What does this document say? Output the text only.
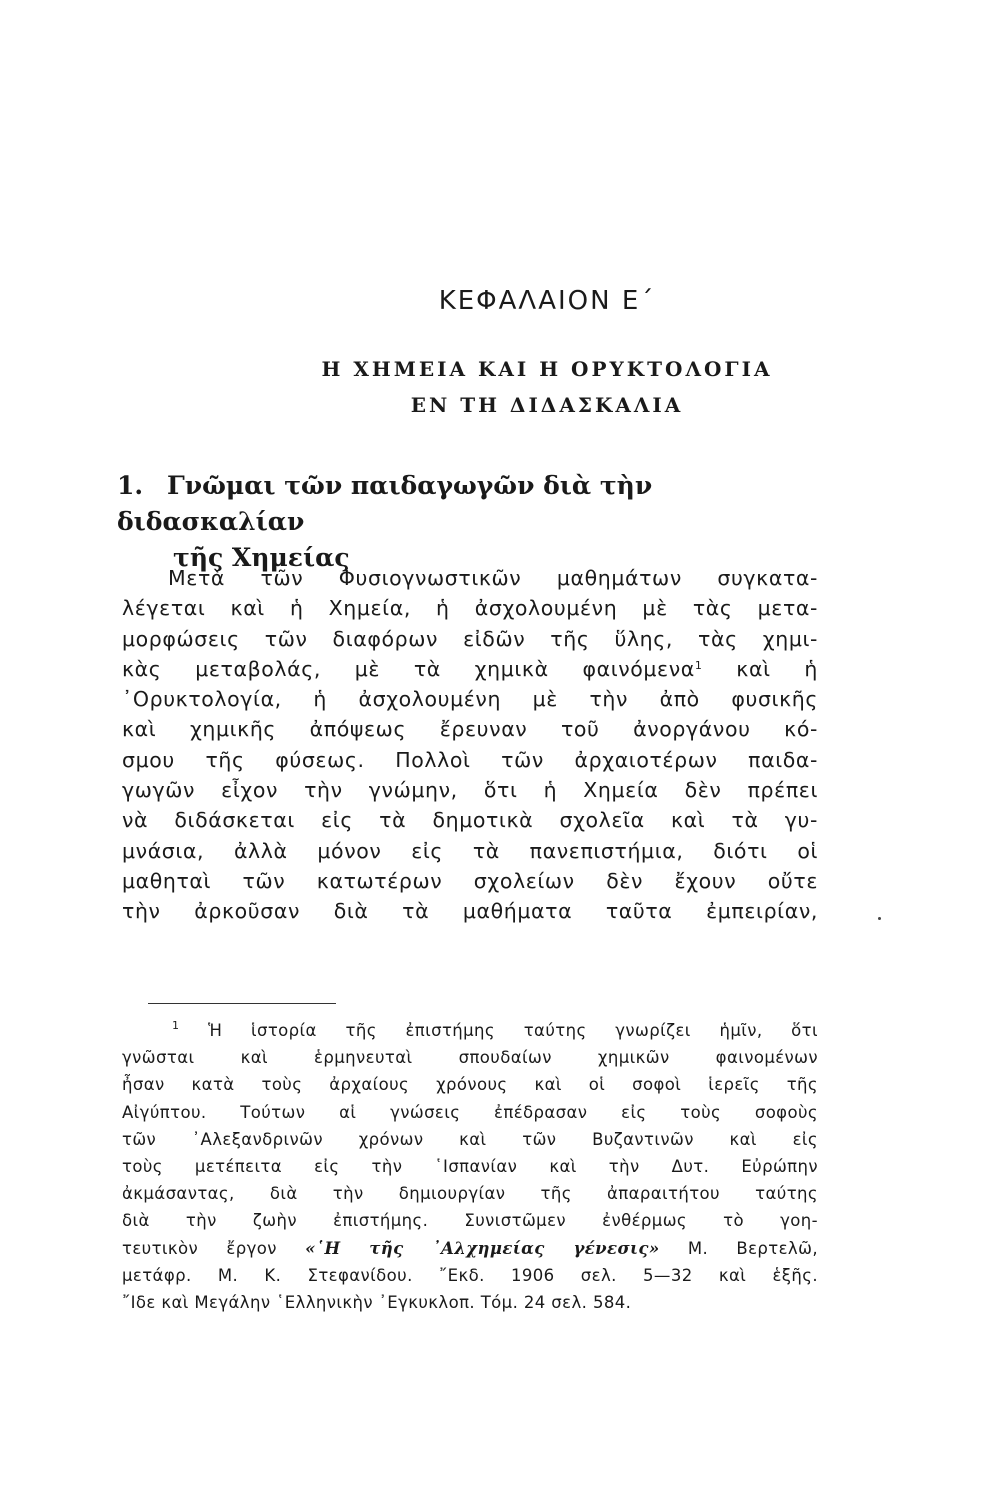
ΚΕΦΑΛΑΙΟΝ Ε΄
Η ΧΗΜΕΙΑ ΚΑΙ Η ΟΡΥΚΤΟΛΟΓΙΑ
ΕΝ ΤΗ ΔΙΔΑΣΚΑΛΙΑ
1. Γνῶμαι τῶν παιδαγωγῶν διὰ τὴν διδασκαλίαν
τῆς Χημείας
Μετὰ τῶν Φυσιογνωστικῶν μαθημάτων συγκατα-
λέγεται καὶ ἡ Χημεία, ἡ ἀσχολουμένη μὲ τὰς μετα-
μορφώσεις τῶν διαφόρων εἰδῶν τῆς ὕλης, τὰς χημι-
κὰς μεταβολάς, μὲ τὰ χημικὰ φαινόμενα$^1$ καὶ ἡ
᾿Ορυκτολογία, ἡ ἀσχολουμένη μὲ τὴν ἀπὸ φυσικῆς
καὶ χημικῆς ἀπόψεως ἔρευναν τοῦ ἀνοργάνου κό-
σμου τῆς φύσεως. Πολλοὶ τῶν ἀρχαιοτέρων παιδα-
γωγῶν εἶχον τὴν γνώμην, ὅτι ἡ Χημεία δὲν πρέπει
νὰ διδάσκεται εἰς τὰ δημοτικὰ σχολεῖα καὶ τὰ γυ-
μνάσια, ἀλλὰ μόνον εἰς τὰ πανεπιστήμια, διότι οἱ
μαθηταὶ τῶν κατωτέρων σχολείων δὲν ἔχουν οὔτε
τὴν ἀρκοῦσαν διὰ τὰ μαθήματα ταῦτα ἐμπειρίαν,
$^1$ Ἡ ἱστορία τῆς ἐπιστήμης ταύτης γνωρίζει ἡμῖν, ὅτι
γνῶσται καὶ ἑρμηνευταὶ σπουδαίων χημικῶν φαινομένων
ἦσαν κατὰ τοὺς ἀρχαίους χρόνους καὶ οἱ σοφοὶ ἱερεῖς τῆς
Αἰγύπτου. Τούτων αἱ γνώσεις ἐπέδρασαν εἰς τοὺς σοφοὺς
τῶν ᾿Αλεξανδρινῶν χρόνων καὶ τῶν Βυζαντινῶν καὶ εἰς
τοὺς μετέπειτα εἰς τὴν ῾Ισπανίαν καὶ τὴν Δυτ. Εὐρώπην
ἀκμάσαντας, διὰ τὴν δημιουργίαν τῆς ἀπαραιτήτου ταύτης
διὰ τὴν ζωὴν ἐπιστήμης. Συνιστῶμεν ἐνθέρμως τὸ γοη-
τευτικὸν ἔργον «῾Η τῆς ᾿Αλχημείας γένεσις» Μ. Βερτελῶ,
μετάφρ. Μ. Κ. Στεφανίδου. ῎Εκδ. 1906 σελ. 5—32 καὶ ἑξῆς.
῎Ιδε καὶ Μεγάλην ῾Ελληνικὴν ᾿Εγκυκλοπ. Τόμ. 24 σελ. 584.
